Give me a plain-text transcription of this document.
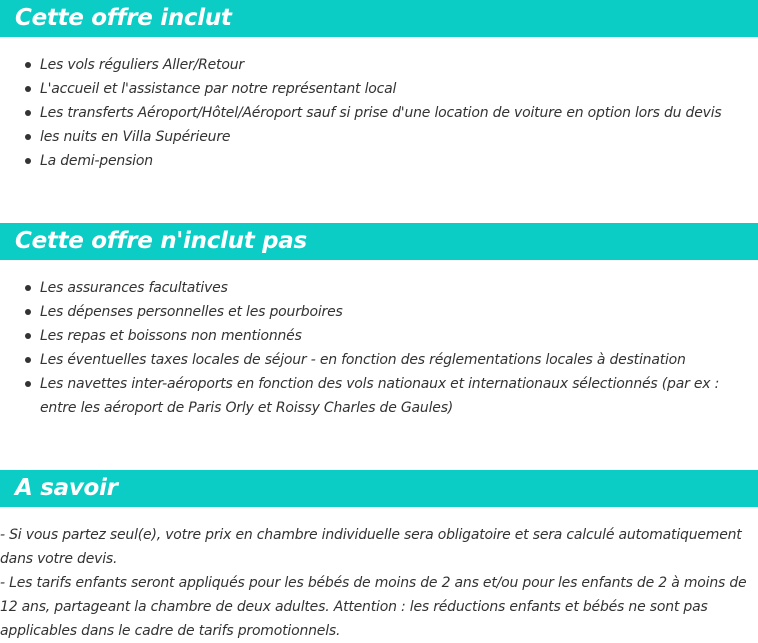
Cette offre inclut
Les vols réguliers Aller/Retour
L'accueil et l'assistance par notre représentant local
Les transferts Aéroport/Hôtel/Aéroport sauf si prise d'une location de voiture en option lors du devis
les nuits en Villa Supérieure
La demi-pension
Cette offre n'inclut pas
Les assurances facultatives
Les dépenses personnelles et les pourboires
Les repas et boissons non mentionnés
Les éventuelles taxes locales de séjour - en fonction des réglementations locales à destination
Les navettes inter-aéroports en fonction des vols nationaux et internationaux sélectionnés (par ex : entre les aéroport de Paris Orly et Roissy Charles de Gaules)
A savoir

- Si vous partez seul(e), votre prix en chambre individuelle sera obligatoire et sera calculé automatiquement dans votre devis.

- Les tarifs enfants seront appliqués pour les bébés de moins de 2 ans et/ou pour les enfants de 2 à moins de 12 ans, partageant la chambre de deux adultes. Attention : les réductions enfants et bébés ne sont pas applicables dans le cadre de tarifs promotionnels.
